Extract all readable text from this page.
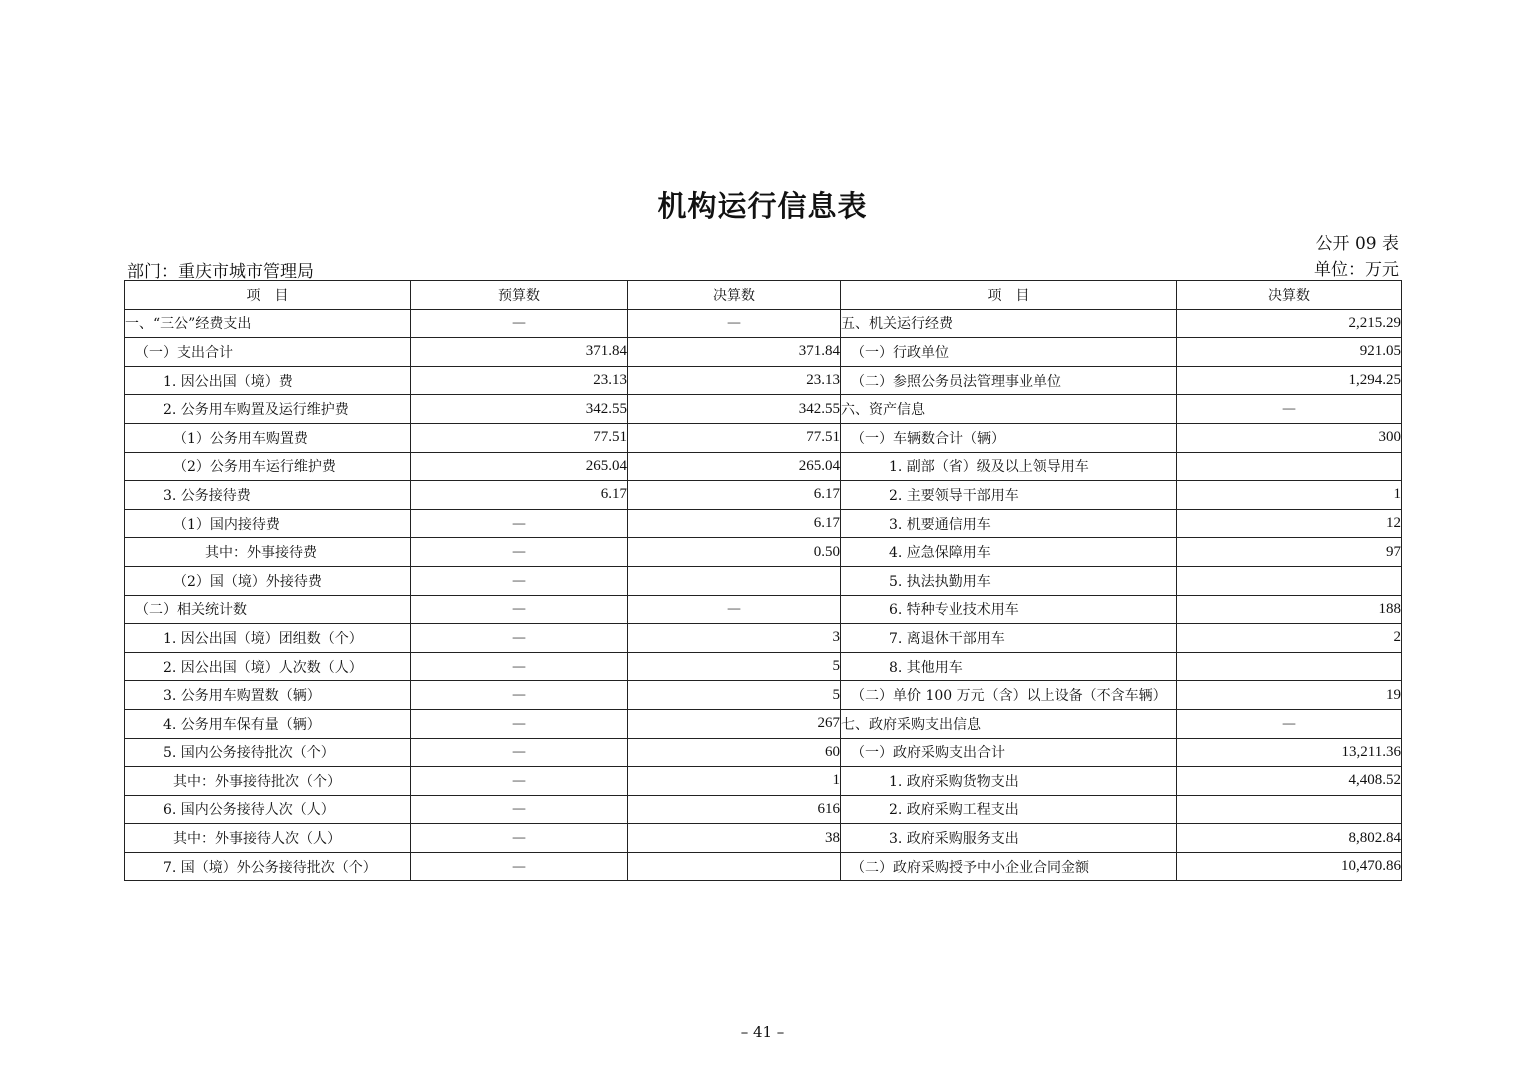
机构运行信息表
公开 09 表
部门：重庆市城市管理局	单位：万元
项　目	预算数	决算数	项　目	决算数
一、“三公”经费支出	—	—	五、机关运行经费	2,215.29
（一）支出合计	371.84	371.84	（一）行政单位	921.05
1. 因公出国（境）费	23.13	23.13	（二）参照公务员法管理事业单位	1,294.25
2. 公务用车购置及运行维护费	342.55	342.55	六、资产信息	—
（1）公务用车购置费	77.51	77.51	（一）车辆数合计（辆）	300
（2）公务用车运行维护费	265.04	265.04	1. 副部（省）级及以上领导用车	
3. 公务接待费	6.17	6.17	2. 主要领导干部用车	1
（1）国内接待费	—	6.17	3. 机要通信用车	12
其中：外事接待费	—	0.50	4. 应急保障用车	97
（2）国（境）外接待费	—		5. 执法执勤用车	
（二）相关统计数	—	—	6. 特种专业技术用车	188
1. 因公出国（境）团组数（个）	—	3	7. 离退休干部用车	2
2. 因公出国（境）人次数（人）	—	5	8. 其他用车	
3. 公务用车购置数（辆）	—	5	（二）单价 100 万元（含）以上设备（不含车辆）	19
4. 公务用车保有量（辆）	—	267	七、政府采购支出信息	—
5. 国内公务接待批次（个）	—	60	（一）政府采购支出合计	13,211.36
其中：外事接待批次（个）	—	1	1. 政府采购货物支出	4,408.52
6. 国内公务接待人次（人）	—	616	2. 政府采购工程支出	
其中：外事接待人次（人）	—	38	3. 政府采购服务支出	8,802.84
7. 国（境）外公务接待批次（个）	—		（二）政府采购授予中小企业合同金额	10,470.86
– 41 –
